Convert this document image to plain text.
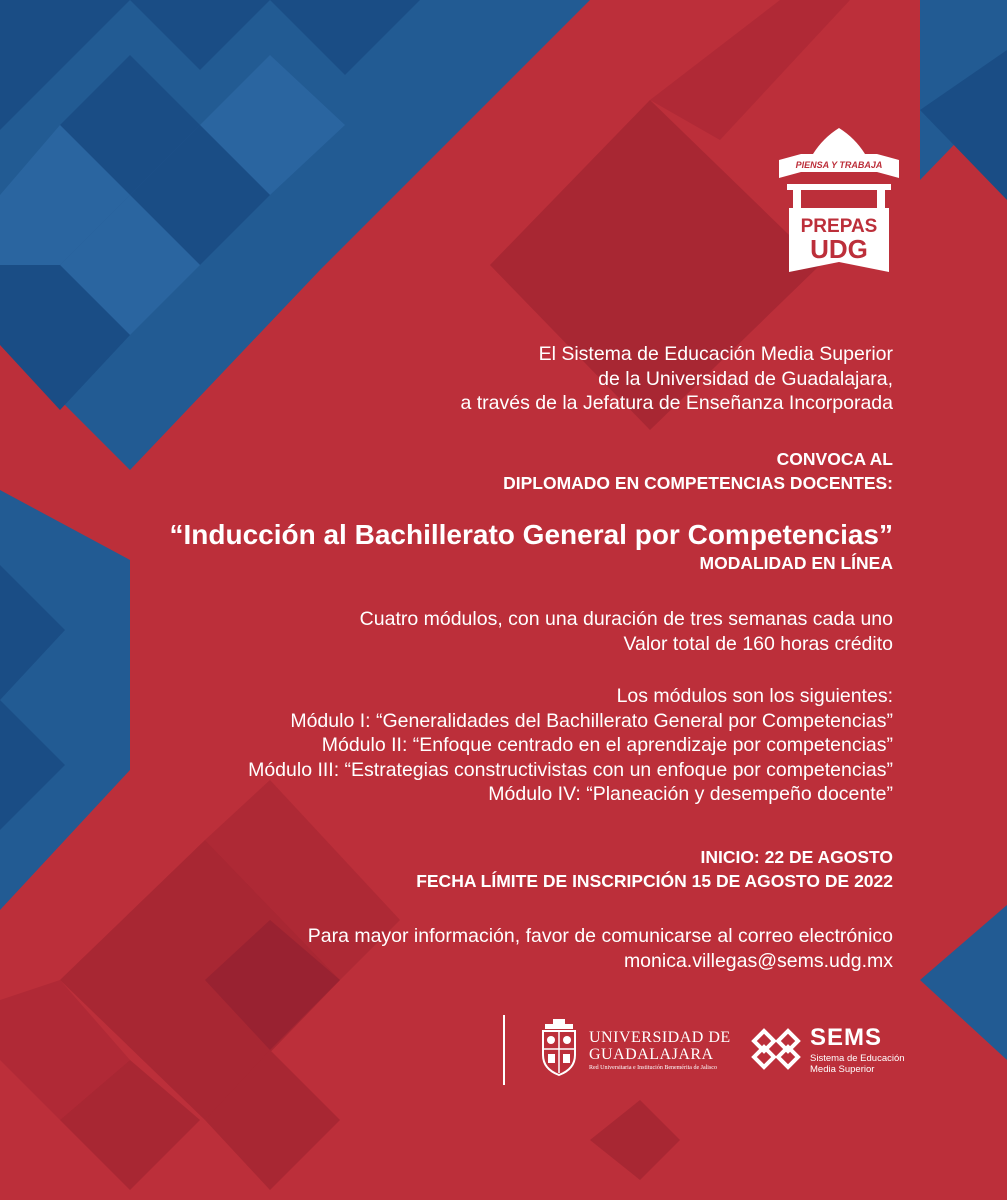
PIENSA Y TRABAJA
PREPAS
UDG
El Sistema de Educación Media Superior
de la Universidad de Guadalajara,
a través de la Jefatura de Enseñanza Incorporada
CONVOCA AL
DIPLOMADO EN COMPETENCIAS DOCENTES:
“Inducción al Bachillerato General por Competencias”
MODALIDAD EN LÍNEA
Cuatro módulos, con una duración de tres semanas cada uno
Valor total de 160 horas crédito
Los módulos son los siguientes:
Módulo I: “Generalidades del Bachillerato General por Competencias”
Módulo II: “Enfoque centrado en el aprendizaje por competencias”
Módulo III: “Estrategias constructivistas con un enfoque por competencias”
Módulo IV: “Planeación y desempeño docente”
INICIO: 22 DE AGOSTO
FECHA LÍMITE DE INSCRIPCIÓN 15 DE AGOSTO DE 2022
Para mayor información, favor de comunicarse al correo electrónico
monica.villegas@sems.udg.mx
UNIVERSIDAD DE
GUADALAJARA
Red Universitaria e Institución Benemérita de Jalisco
SEMS
Sistema de Educación
Media Superior
